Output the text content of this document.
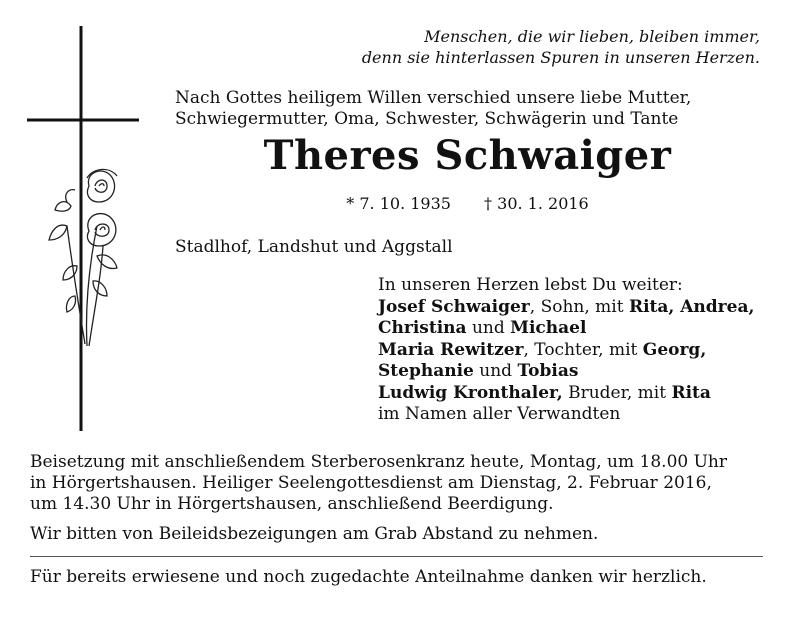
Menschen, die wir lieben, bleiben immer,
denn sie hinterlassen Spuren in unseren Herzen.
Nach Gottes heiligem Willen verschied unsere liebe Mutter,
Schwiegermutter, Oma, Schwester, Schwägerin und Tante
Theres Schwaiger
* 7. 10. 1935 † 30. 1. 2016
Stadlhof, Landshut und Aggstall
In unseren Herzen lebst Du weiter:
Josef Schwaiger, Sohn, mit Rita, Andrea,
Christina und Michael
Maria Rewitzer, Tochter, mit Georg,
Stephanie und Tobias
Ludwig Kronthaler, Bruder, mit Rita
im Namen aller Verwandten
Beisetzung mit anschließendem Sterberosenkranz heute, Montag, um 18.00 Uhr
in Hörgertshausen. Heiliger Seelengottesdienst am Dienstag, 2. Februar 2016,
um 14.30 Uhr in Hörgertshausen, anschließend Beerdigung.
Wir bitten von Beileidsbezeigungen am Grab Abstand zu nehmen.
Für bereits erwiesene und noch zugedachte Anteilnahme danken wir herzlich.
